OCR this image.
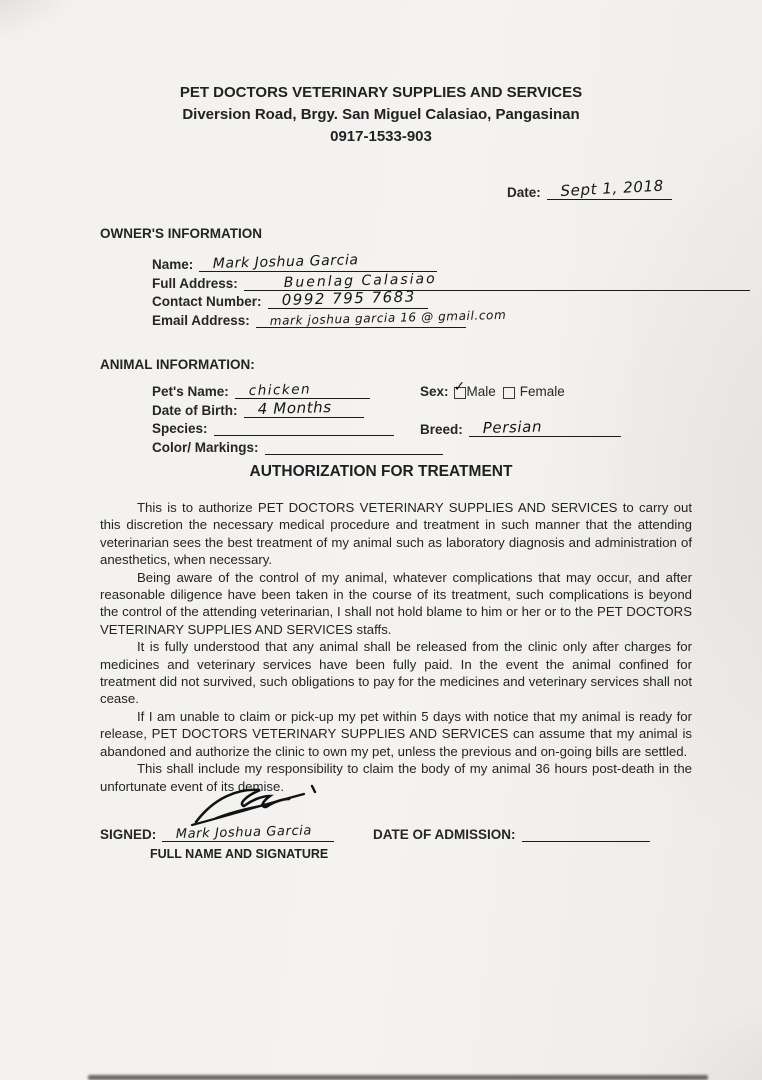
PET DOCTORS VETERINARY SUPPLIES AND SERVICES
Diversion Road, Brgy. San Miguel Calasiao, Pangasinan
0917-1533-903
Date: Sept 1, 2018
OWNER'S INFORMATION
Name: Mark Joshua Garcia
Full Address:	Buenlag Calasiao
Contact Number: 0992 795 7683
Email Address: mark joshua garcia 16 @ gmail.com
ANIMAL INFORMATION:
Pet's Name: chicken
Date of Birth: 4 Months
Species:
Color/ Markings:
Sex: ✓ Male Female
Breed: Persian
AUTHORIZATION FOR TREATMENT

This is to authorize PET DOCTORS VETERINARY SUPPLIES AND SERVICES to carry out this discretion the necessary medical procedure and treatment in such manner that the attending veterinarian sees the best treatment of my animal such as laboratory diagnosis and administration of anesthetics, when necessary.

Being aware of the control of my animal, whatever complications that may occur, and after reasonable diligence have been taken in the course of its treatment, such complications is beyond the control of the attending veterinarian, I shall not hold blame to him or her or to the PET DOCTORS VETERINARY SUPPLIES AND SERVICES staffs.

It is fully understood that any animal shall be released from the clinic only after charges for medicines and veterinary services have been fully paid. In the event the animal confined for treatment did not survived, such obligations to pay for the medicines and veterinary services shall not cease.

If I am unable to claim or pick-up my pet within 5 days with notice that my animal is ready for release, PET DOCTORS VETERINARY SUPPLIES AND SERVICES can assume that my animal is abandoned and authorize the clinic to own my pet, unless the previous and on-going bills are settled.

This shall include my responsibility to claim the body of my animal 36 hours post-death in the unfortunate event of its demise.

SIGNED: Mark Joshua Garcia
FULL NAME AND SIGNATURE
DATE OF ADMISSION:
